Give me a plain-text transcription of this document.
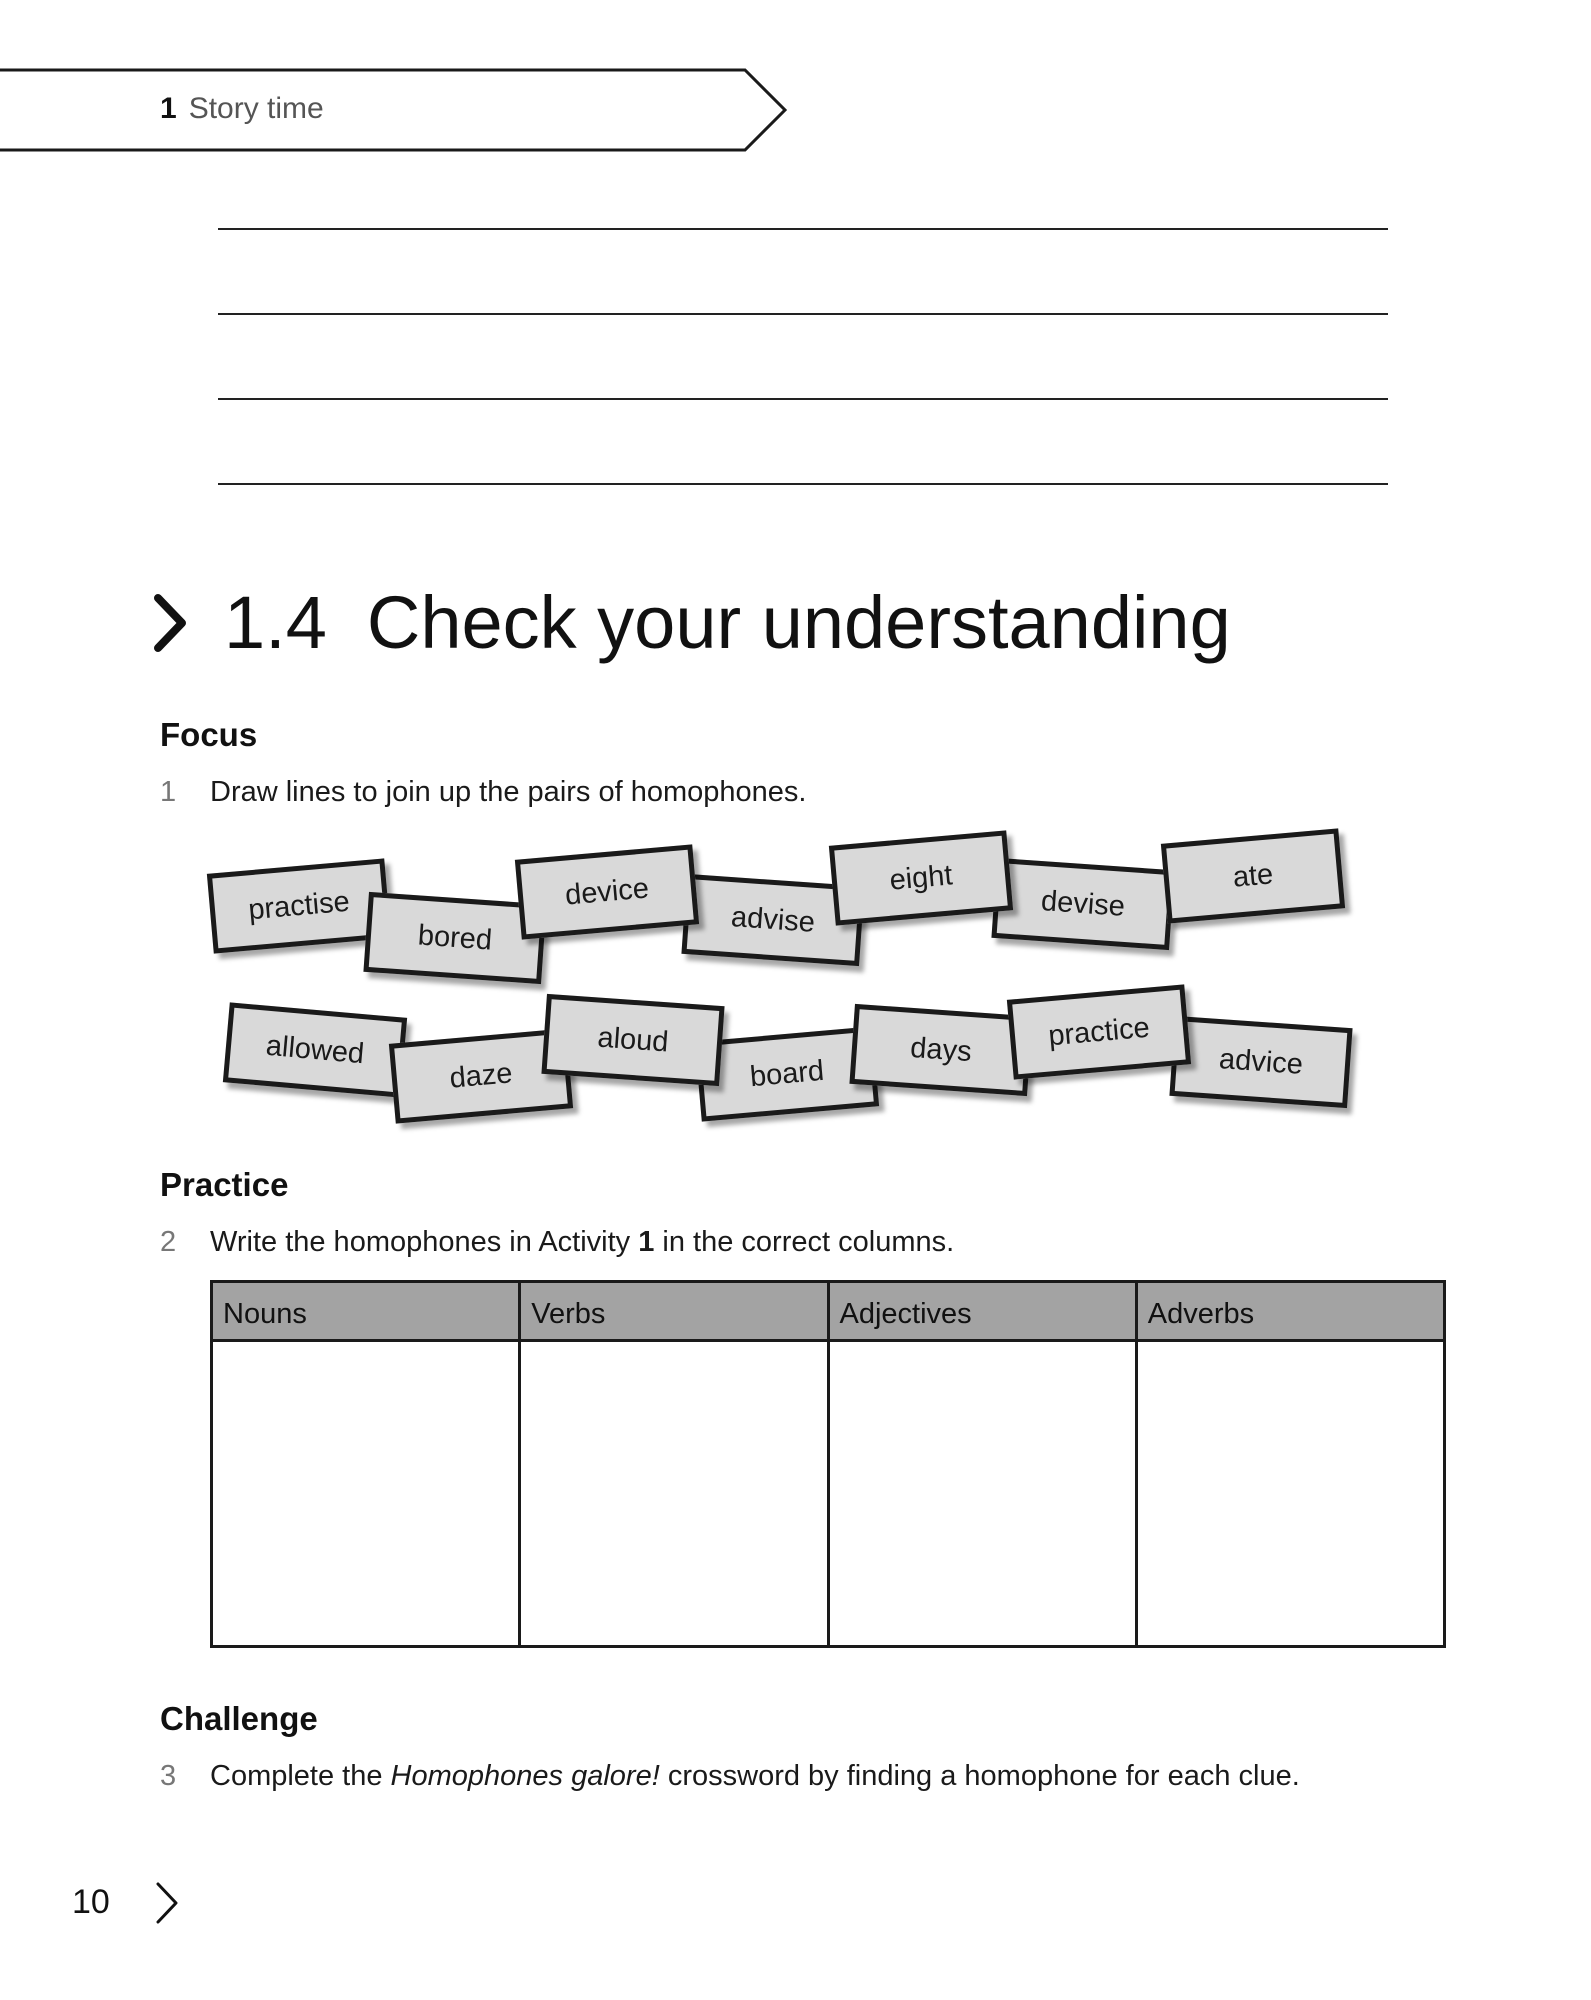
1 Story time
1.4 Check your understanding
Focus
1 Draw lines to join up the pairs of homophones.
practise
bored
device
advise
eight
devise
ate
allowed
daze
aloud
board
days	practice
advice
Practice
2 Write the homophones in Activity 1 in the correct columns.
Nouns	Verbs	Adjectives	Adverbs

Challenge
3 Complete the Homophones galore! crossword by finding a homophone for each clue.
10
